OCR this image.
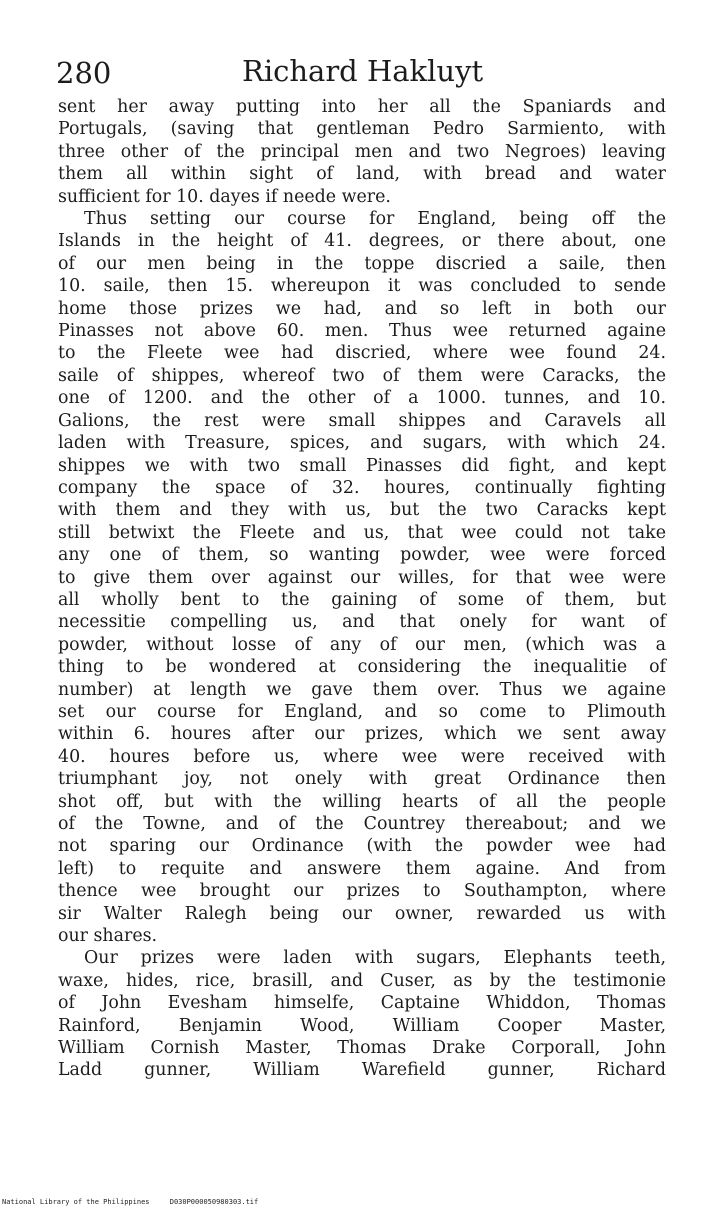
280	Richard Hakluyt
sent her away putting into her all the Spaniards and
Portugals, (saving that gentleman Pedro Sarmiento, with
three other of the principal men and two Negroes) leaving
them all within sight of land, with bread and water
sufficient for 10. dayes if neede were.
Thus setting our course for England, being off the
Islands in the height of 41. degrees, or there about, one
of our men being in the toppe discried a saile, then
10. saile, then 15. whereupon it was concluded to sende
home those prizes we had, and so left in both our
Pinasses not above 60. men. Thus wee returned againe
to the Fleete wee had discried, where wee found 24.
saile of shippes, whereof two of them were Caracks, the
one of 1200. and the other of a 1000. tunnes, and 10.
Galions, the rest were small shippes and Caravels all
laden with Treasure, spices, and sugars, with which 24.
shippes we with two small Pinasses did fight, and kept
company the space of 32. houres, continually fighting
with them and they with us, but the two Caracks kept
still betwixt the Fleete and us, that wee could not take
any one of them, so wanting powder, wee were forced
to give them over against our willes, for that wee were
all wholly bent to the gaining of some of them, but
necessitie compelling us, and that onely for want of
powder, without losse of any of our men, (which was a
thing to be wondered at considering the inequalitie of
number) at length we gave them over. Thus we againe
set our course for England, and so come to Plimouth
within 6. houres after our prizes, which we sent away
40. houres before us, where wee were received with
triumphant joy, not onely with great Ordinance then
shot off, but with the willing hearts of all the people
of the Towne, and of the Countrey thereabout; and we
not sparing our Ordinance (with the powder wee had
left) to requite and answere them againe. And from
thence wee brought our prizes to Southampton, where
sir Walter Ralegh being our owner, rewarded us with
our shares.
Our prizes were laden with sugars, Elephants teeth,
waxe, hides, rice, brasill, and Cuser, as by the testimonie
of John Evesham himselfe, Captaine Whiddon, Thomas
Rainford, Benjamin Wood, William Cooper Master,
William Cornish Master, Thomas Drake Corporall, John
Ladd gunner, William Warefield gunner, Richard
National Library of the Philippines	D030P000050980303.tif
